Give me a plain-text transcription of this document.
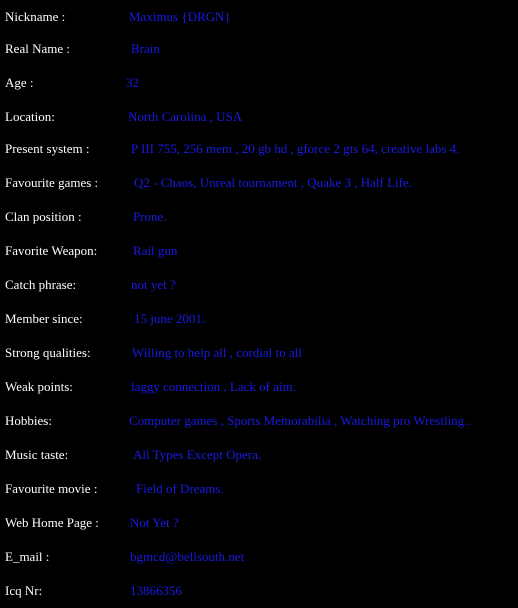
Nickname :	Maximus {DRGN}
Real Name :	Brain
Age :	32
Location:	North Carolina , USA
Present system :	P III 755, 256 mem , 20 gb hd , gforce 2 gts 64, creative labs 4.
Favourite games :	Q2 - Chaos, Unreal tournament , Quake 3 , Half Life.
Clan position :	Prone.
Favorite Weapon:	Rail gun
Catch phrase:	not yet ?
Member since:	15 june 2001.
Strong qualities:	Willing to help all , cordial to all
Weak points:	laggy connection , Lack of aim.
Hobbies:	Computer games , Sports Memorabilia , Watching pro Wrestling..
Music taste:	All Types Except Opera.
Favourite movie :	Field of Dreams.
Web Home Page : Not Yet ?
E_mail :	bgmcd@bellsouth.net
Icq Nr:	13866356
